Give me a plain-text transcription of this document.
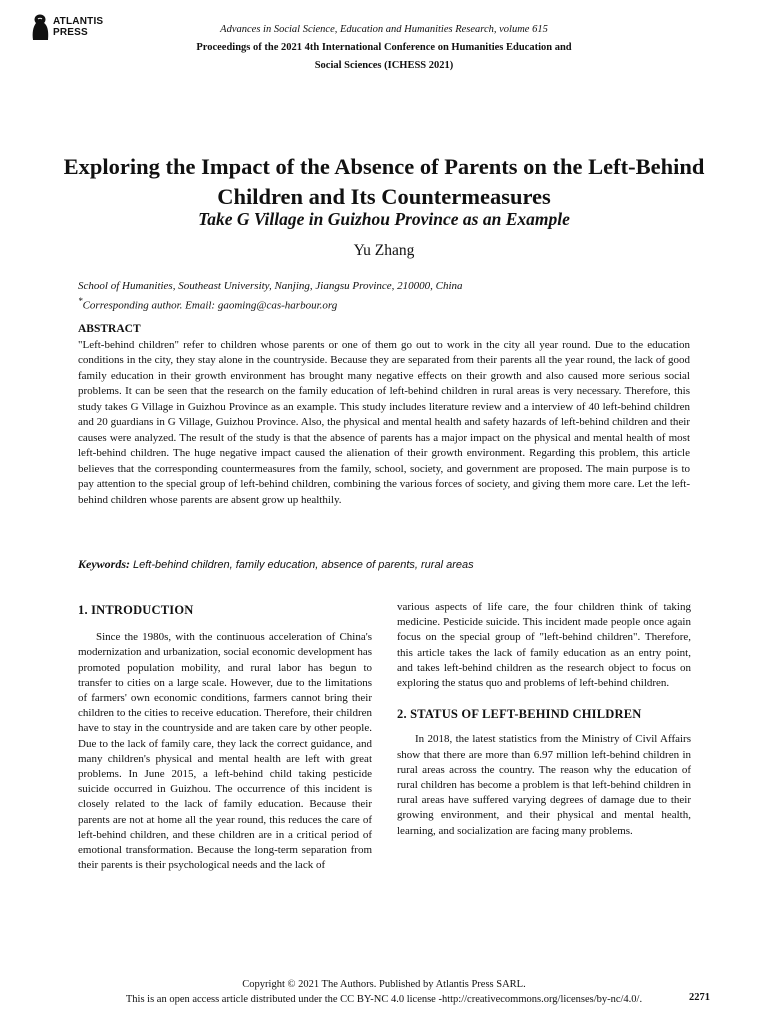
ATLANTIS
PRESS	Advances in Social Science, Education and Humanities Research, volume 615
Proceedings of the 2021 4th International Conference on Humanities Education and
Social Sciences (ICHESS 2021)
Exploring the Impact of the Absence of Parents on the Left-Behind Children and Its Countermeasures
Take G Village in Guizhou Province as an Example
Yu Zhang
School of Humanities, Southeast University, Nanjing, Jiangsu Province, 210000, China
*Corresponding author. Email: gaoming@cas-harbour.org
ABSTRACT

"Left-behind children" refer to children whose parents or one of them go out to work in the city all year round. Due to the education conditions in the city, they stay alone in the countryside. Because they are separated from their parents all the year round, the lack of good family education in their growth environment has brought many negative effects on their growth and also caused more serious social problems. It can be seen that the research on the family education of left-behind children in rural areas is very necessary. Therefore, this study takes G Village in Guizhou Province as an example. This study includes literature review and a interview of 40 left-behind children and 20 guardians in G Village, Guizhou Province. Also, the physical and mental health and safety hazards of left-behind children and their causes were analyzed. The result of the study is that the absence of parents has a major impact on the physical and mental health of most left-behind children. The huge negative impact caused the alienation of their growth environment. Regarding this problem, this article believes that the corresponding countermeasures from the family, school, society, and government are proposed. The main purpose is to pay attention to the special group of left-behind children, combining the various forces of society, and giving them more care. Let the left-behind children whose parents are absent grow up healthily.

Keywords: Left-behind children, family education, absence of parents, rural areas
1. INTRODUCTION

Since the 1980s, with the continuous acceleration of China's modernization and urbanization, social economic development has promoted population mobility, and rural labor has begun to transfer to cities on a large scale. However, due to the limitations of farmers' own economic conditions, farmers cannot bring their children to the cities to receive education. Therefore, their children have to stay in the countryside and are taken care by other people. Due to the lack of family care, they lack the correct guidance, and many children's physical and mental health are left with great problems. In June 2015, a left-behind child taking pesticide suicide occurred in Guizhou. The occurrence of this incident is closely related to the lack of family education. Because their parents are not at home all the year round, this reduces the care of left-behind children, and these children are in a critical period of emotional transformation. Because the long-term separation from their parents is their psychological needs and the lack of

various aspects of life care, the four children think of taking medicine. Pesticide suicide. This incident made people once again focus on the special group of "left-behind children". Therefore, this article takes the lack of family education as an entry point, and takes left-behind children as the research object to focus on exploring the status quo and problems of left-behind children.

2. STATUS OF LEFT-BEHIND CHILDREN

In 2018, the latest statistics from the Ministry of Civil Affairs show that there are more than 6.97 million left-behind children in rural areas across the country. The reason why the education of rural children has become a problem is that left-behind children in rural areas have suffered varying degrees of damage due to their growing environment, and their physical and mental health, learning, and socialization are facing many problems.

Copyright © 2021 The Authors. Published by Atlantis Press SARL.
This is an open access article distributed under the CC BY-NC 4.0 license -http://creativecommons.org/licenses/by-nc/4.0/.	2271
